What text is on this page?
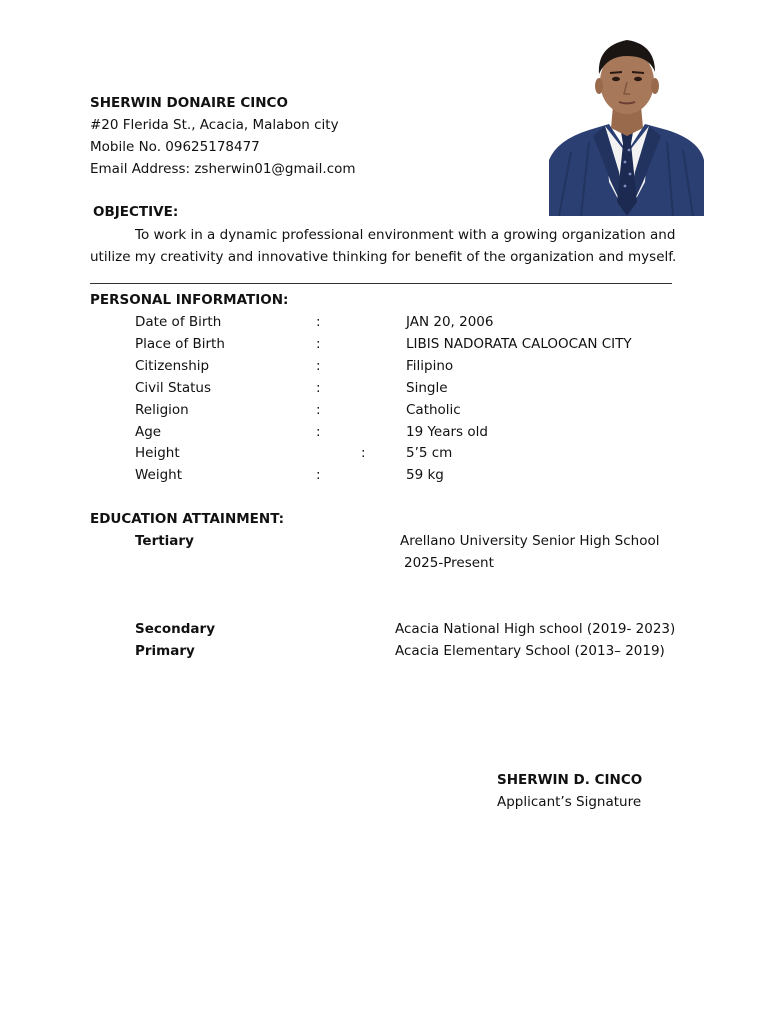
SHERWIN DONAIRE CINCO
#20 Flerida St., Acacia, Malabon city
Mobile No. 09625178477
Email Address: zsherwin01@gmail.com
OBJECTIVE:
To work in a dynamic professional environment with a growing organization and utilize my creativity and innovative thinking for benefit of the organization and myself.
PERSONAL INFORMATION:
Date of Birth	:	JAN 20, 2006
Place of Birth	:	LIBIS NADORATA CALOOCAN CITY
Citizenship	:	Filipino
Civil Status	:	Single
Religion	:	Catholic
Age	:	19 Years old
Height	:	5’5 cm
Weight	:	59 kg
EDUCATION ATTAINMENT:
Tertiary	Arellano University Senior High School
2025-Present
Secondary	Acacia National High school (2019- 2023)
Primary	Acacia Elementary School (2013– 2019)
SHERWIN D. CINCO
Applicant’s Signature
